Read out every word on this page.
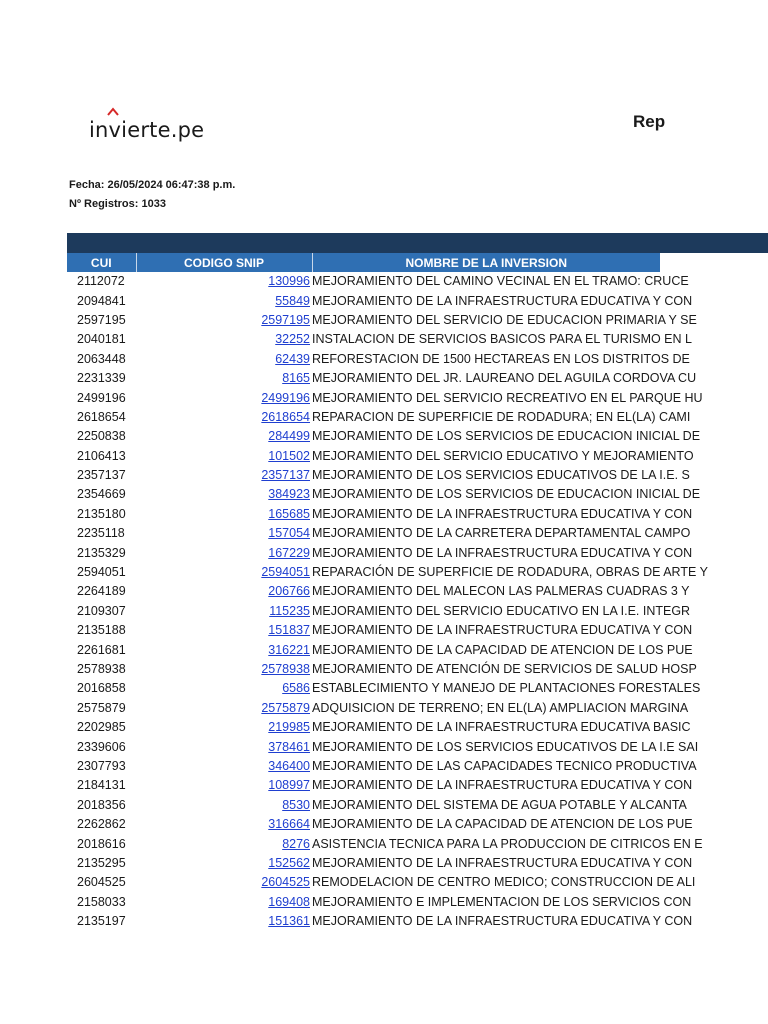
invierte.pe	Rep
Fecha: 26/05/2024 06:47:38 p.m.
Nº Registros: 1033
CUI	CODIGO SNIP	NOMBRE DE LA INVERSION
2112072	130996	MEJORAMIENTO DEL CAMINO VECINAL EN EL TRAMO: CRUCE
2094841	55849	MEJORAMIENTO DE LA INFRAESTRUCTURA EDUCATIVA Y CON
2597195	2597195	MEJORAMIENTO DEL SERVICIO DE EDUCACION PRIMARIA Y SE
2040181	32252	INSTALACION DE SERVICIOS BASICOS PARA EL TURISMO EN L
2063448	62439	REFORESTACION DE 1500 HECTAREAS EN LOS DISTRITOS DE
2231339	8165	MEJORAMIENTO DEL JR. LAUREANO DEL AGUILA CORDOVA CU
2499196	2499196	MEJORAMIENTO DEL SERVICIO RECREATIVO EN EL PARQUE HU
2618654	2618654	REPARACION DE SUPERFICIE DE RODADURA; EN EL(LA) CAMI
2250838	284499	MEJORAMIENTO DE LOS SERVICIOS DE EDUCACION INICIAL DE
2106413	101502	MEJORAMIENTO DEL SERVICIO EDUCATIVO Y MEJORAMIENTO
2357137	2357137	MEJORAMIENTO DE LOS SERVICIOS EDUCATIVOS DE LA I.E. S
2354669	384923	MEJORAMIENTO DE LOS SERVICIOS DE EDUCACION INICIAL DE
2135180	165685	MEJORAMIENTO DE LA INFRAESTRUCTURA EDUCATIVA Y CON
2235118	157054	MEJORAMIENTO DE LA CARRETERA DEPARTAMENTAL CAMPO
2135329	167229	MEJORAMIENTO DE LA INFRAESTRUCTURA EDUCATIVA Y CON
2594051	2594051	REPARACIÓN DE SUPERFICIE DE RODADURA, OBRAS DE ARTE Y
2264189	206766	MEJORAMIENTO DEL MALECON LAS PALMERAS CUADRAS 3 Y
2109307	115235	MEJORAMIENTO DEL SERVICIO EDUCATIVO EN LA I.E. INTEGR
2135188	151837	MEJORAMIENTO DE LA INFRAESTRUCTURA EDUCATIVA Y CON
2261681	316221	MEJORAMIENTO DE LA CAPACIDAD DE ATENCION DE LOS PUE
2578938	2578938	MEJORAMIENTO DE ATENCIÓN DE SERVICIOS DE SALUD HOSP
2016858	6586	ESTABLECIMIENTO Y MANEJO DE PLANTACIONES FORESTALES
2575879	2575879	ADQUISICION DE TERRENO; EN EL(LA) AMPLIACION MARGINA
2202985	219985	MEJORAMIENTO DE LA INFRAESTRUCTURA EDUCATIVA BASIC
2339606	378461	MEJORAMIENTO DE LOS SERVICIOS EDUCATIVOS DE LA I.E SAI
2307793	346400	MEJORAMIENTO DE LAS CAPACIDADES TECNICO PRODUCTIVA
2184131	108997	MEJORAMIENTO DE LA INFRAESTRUCTURA EDUCATIVA Y CON
2018356	8530	MEJORAMIENTO DEL SISTEMA DE AGUA POTABLE Y ALCANTA
2262862	316664	MEJORAMIENTO DE LA CAPACIDAD DE ATENCION DE LOS PUE
2018616	8276	ASISTENCIA TECNICA PARA LA PRODUCCION DE CITRICOS EN E
2135295	152562	MEJORAMIENTO DE LA INFRAESTRUCTURA EDUCATIVA Y CON
2604525	2604525	REMODELACION DE CENTRO MEDICO; CONSTRUCCION DE ALI
2158033	169408	MEJORAMIENTO E IMPLEMENTACION DE LOS SERVICIOS CON
2135197	151361	MEJORAMIENTO DE LA INFRAESTRUCTURA EDUCATIVA Y CON
